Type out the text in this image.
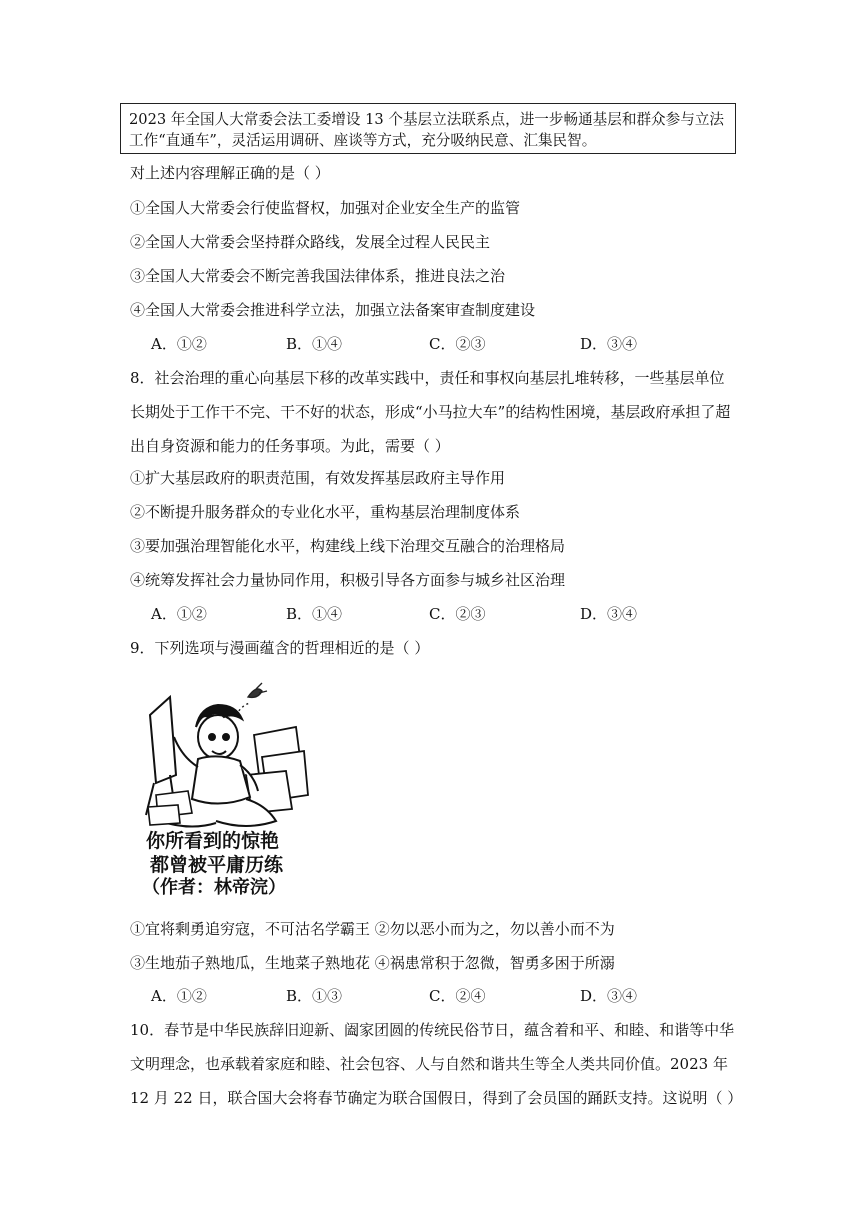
2023 年全国人大常委会法工委增设 13 个基层立法联系点，进一步畅通基层和群众参与立法
工作“直通车”，灵活运用调研、座谈等方式，充分吸纳民意、汇集民智。
对上述内容理解正确的是（ ）
①全国人大常委会行使监督权，加强对企业安全生产的监管
②全国人大常委会坚持群众路线，发展全过程人民民主
③全国人大常委会不断完善我国法律体系，推进良法之治
④全国人大常委会推进科学立法，加强立法备案审查制度建设
A．①②	B．①④	C．②③	D．③④
8．社会治理的重心向基层下移的改革实践中，责任和事权向基层扎堆转移，一些基层单位
长期处于工作干不完、干不好的状态，形成“小马拉大车”的结构性困境，基层政府承担了超
出自身资源和能力的任务事项。为此，需要（ ）
①扩大基层政府的职责范围，有效发挥基层政府主导作用
②不断提升服务群众的专业化水平，重构基层治理制度体系
③要加强治理智能化水平，构建线上线下治理交互融合的治理格局
④统筹发挥社会力量协同作用，积极引导各方面参与城乡社区治理
A．①②	B．①④	C．②③	D．③④
9．下列选项与漫画蕴含的哲理相近的是（ ）
你所看到的惊艳
都曾被平庸历练
（作者：林帝浣）
①宜将剩勇追穷寇，不可沽名学霸王 ②勿以恶小而为之，勿以善小而不为
③生地茄子熟地瓜，生地菜子熟地花 ④祸患常积于忽微，智勇多困于所溺
A．①②	B．①③	C．②④	D．③④
10．春节是中华民族辞旧迎新、阖家团圆的传统民俗节日，蕴含着和平、和睦、和谐等中华
文明理念，也承载着家庭和睦、社会包容、人与自然和谐共生等全人类共同价值。2023 年
12 月 22 日，联合国大会将春节确定为联合国假日，得到了会员国的踊跃支持。这说明（ ）
